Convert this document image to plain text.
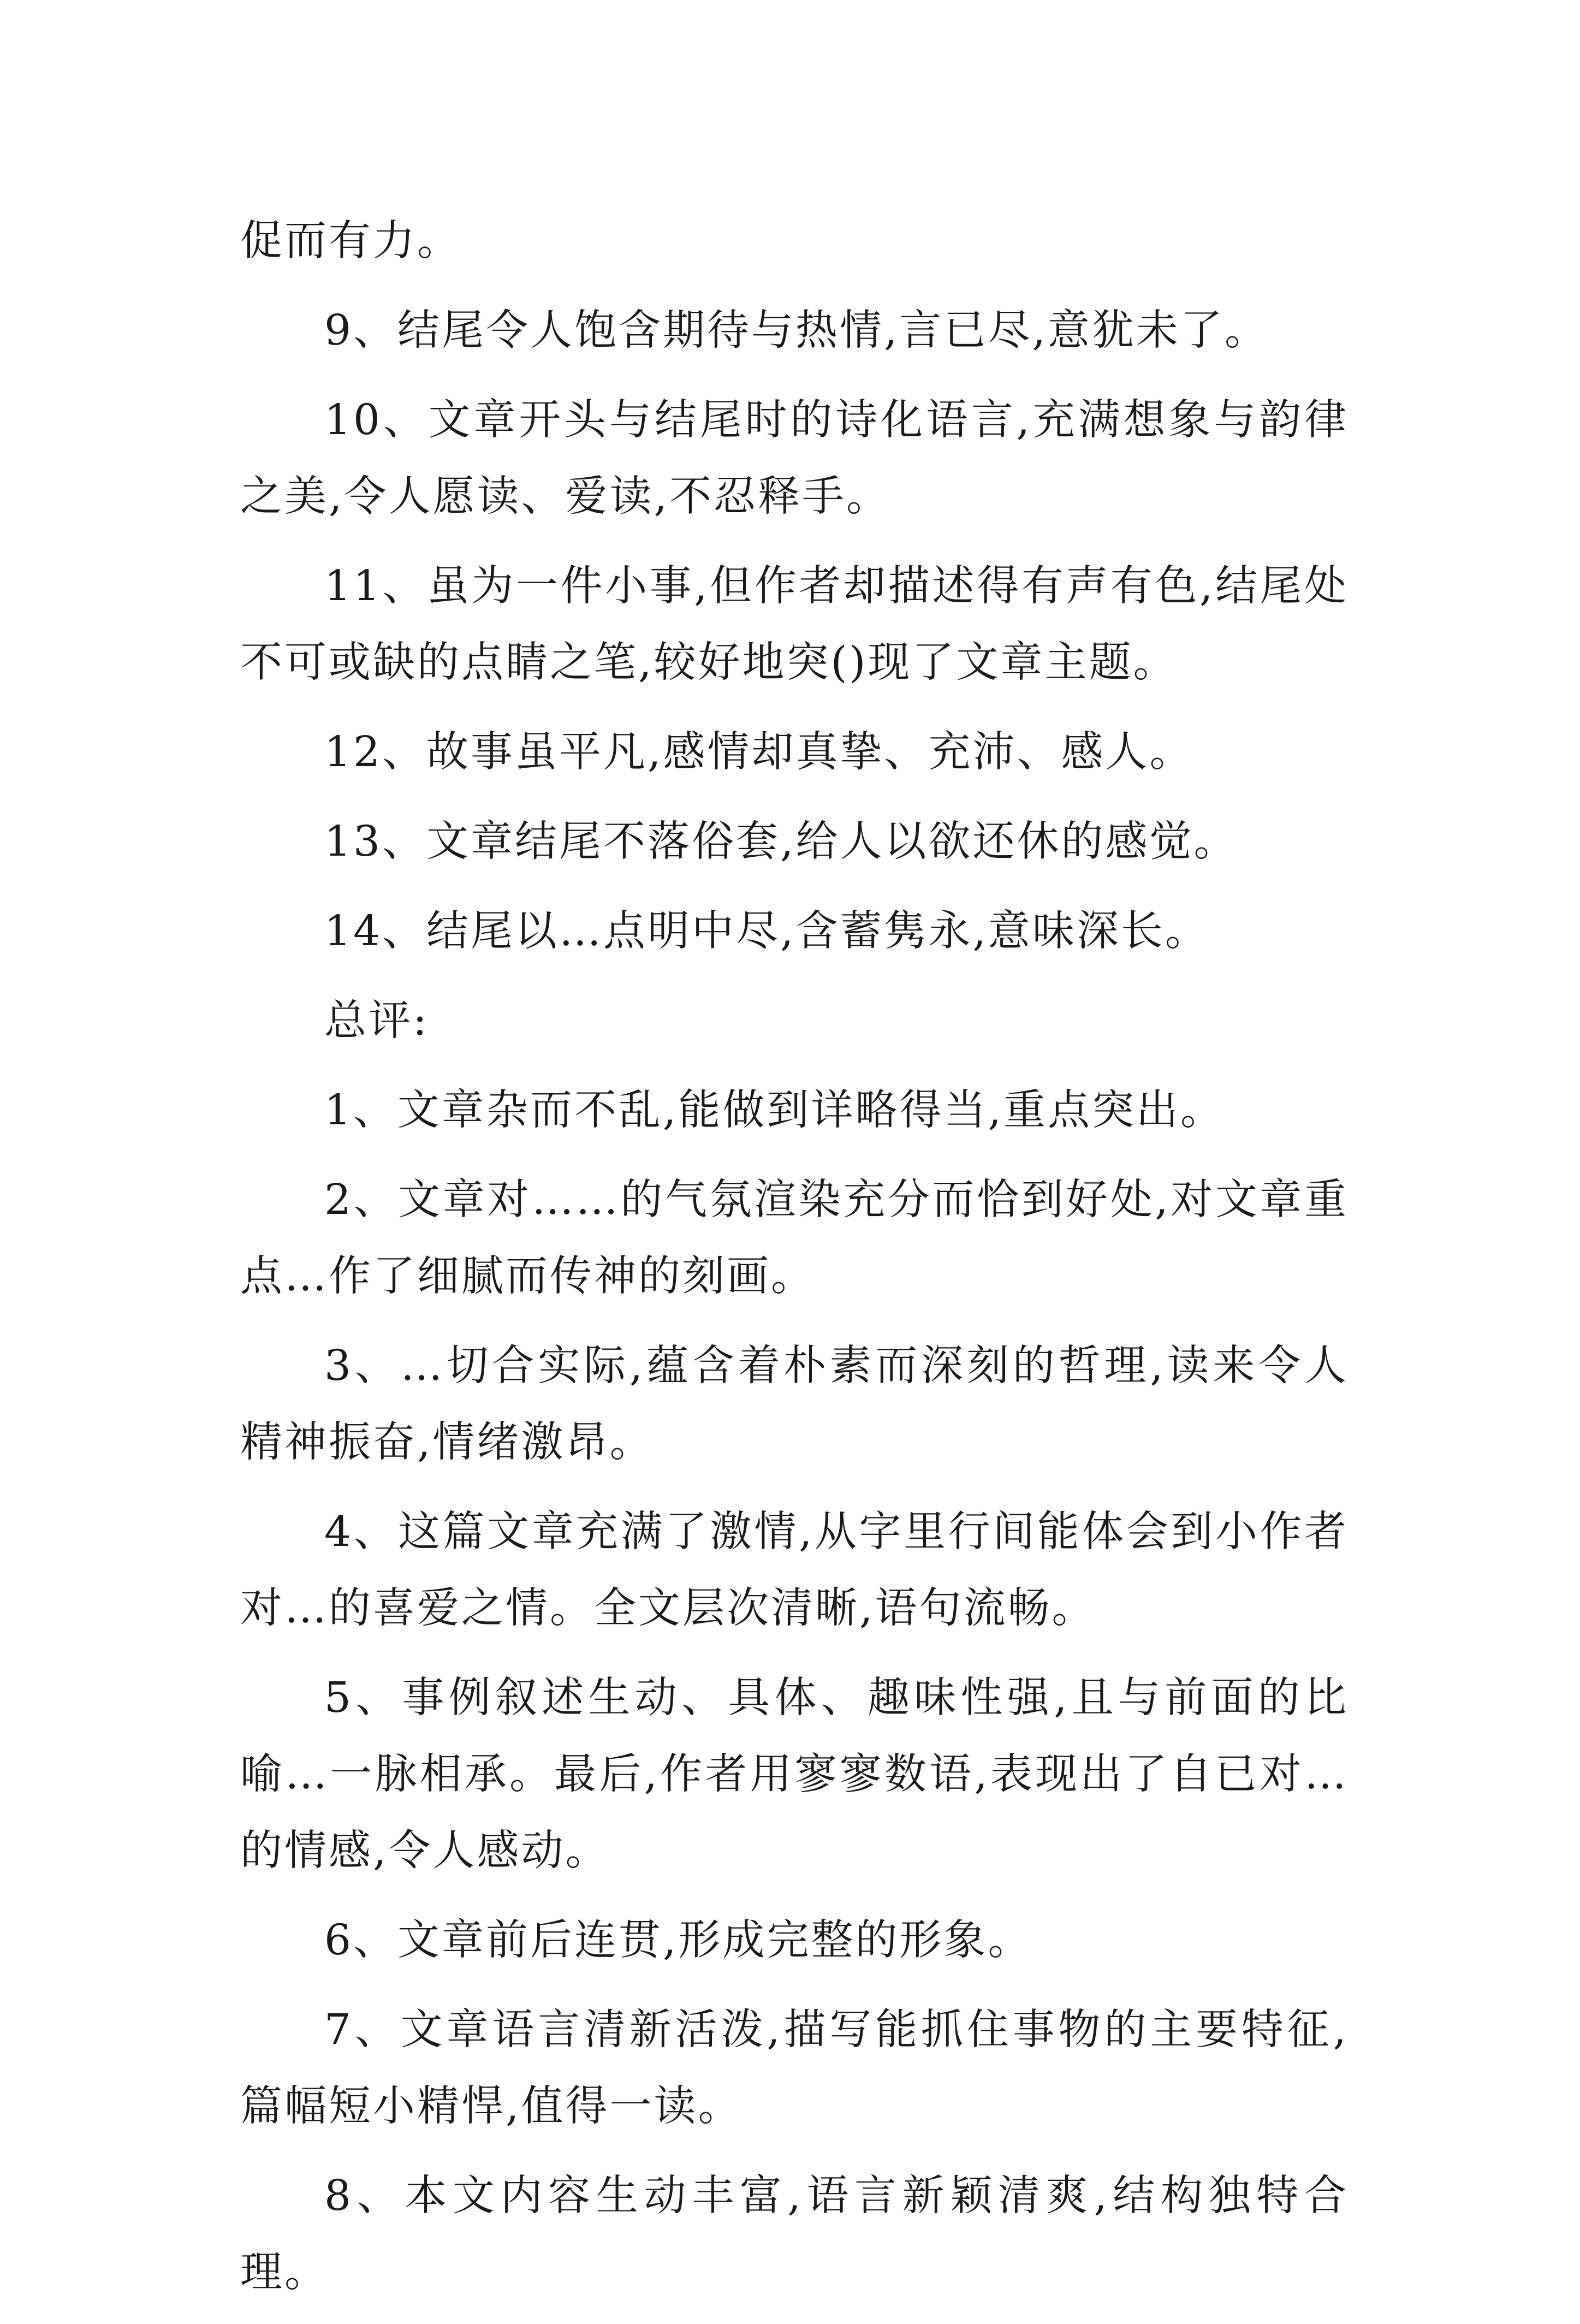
促而有力。

9、结尾令人饱含期待与热情,言已尽,意犹未了。

10、文章开头与结尾时的诗化语言,充满想象与韵律之美,令人愿读、爱读,不忍释手。

11、虽为一件小事,但作者却描述得有声有色,结尾处不可或缺的点睛之笔,较好地突()现了文章主题。

12、故事虽平凡,感情却真挚、充沛、感人。

13、文章结尾不落俗套,给人以欲还休的感觉。

14、结尾以…点明中尽,含蓄隽永,意味深长。

总评:

1、文章杂而不乱,能做到详略得当,重点突出。

2、文章对……的气氛渲染充分而恰到好处,对文章重点…作了细腻而传神的刻画。

3、…切合实际,蕴含着朴素而深刻的哲理,读来令人精神振奋,情绪激昂。

4、这篇文章充满了激情,从字里行间能体会到小作者对…的喜爱之情。全文层次清晰,语句流畅。

5、事例叙述生动、具体、趣味性强,且与前面的比喻…一脉相承。最后,作者用寥寥数语,表现出了自已对…的情感,令人感动。

6、文章前后连贯,形成完整的形象。

7、文章语言清新活泼,描写能抓住事物的主要特征,篇幅短小精悍,值得一读。

8、本文内容生动丰富,语言新颖清爽,结构独特合理。
